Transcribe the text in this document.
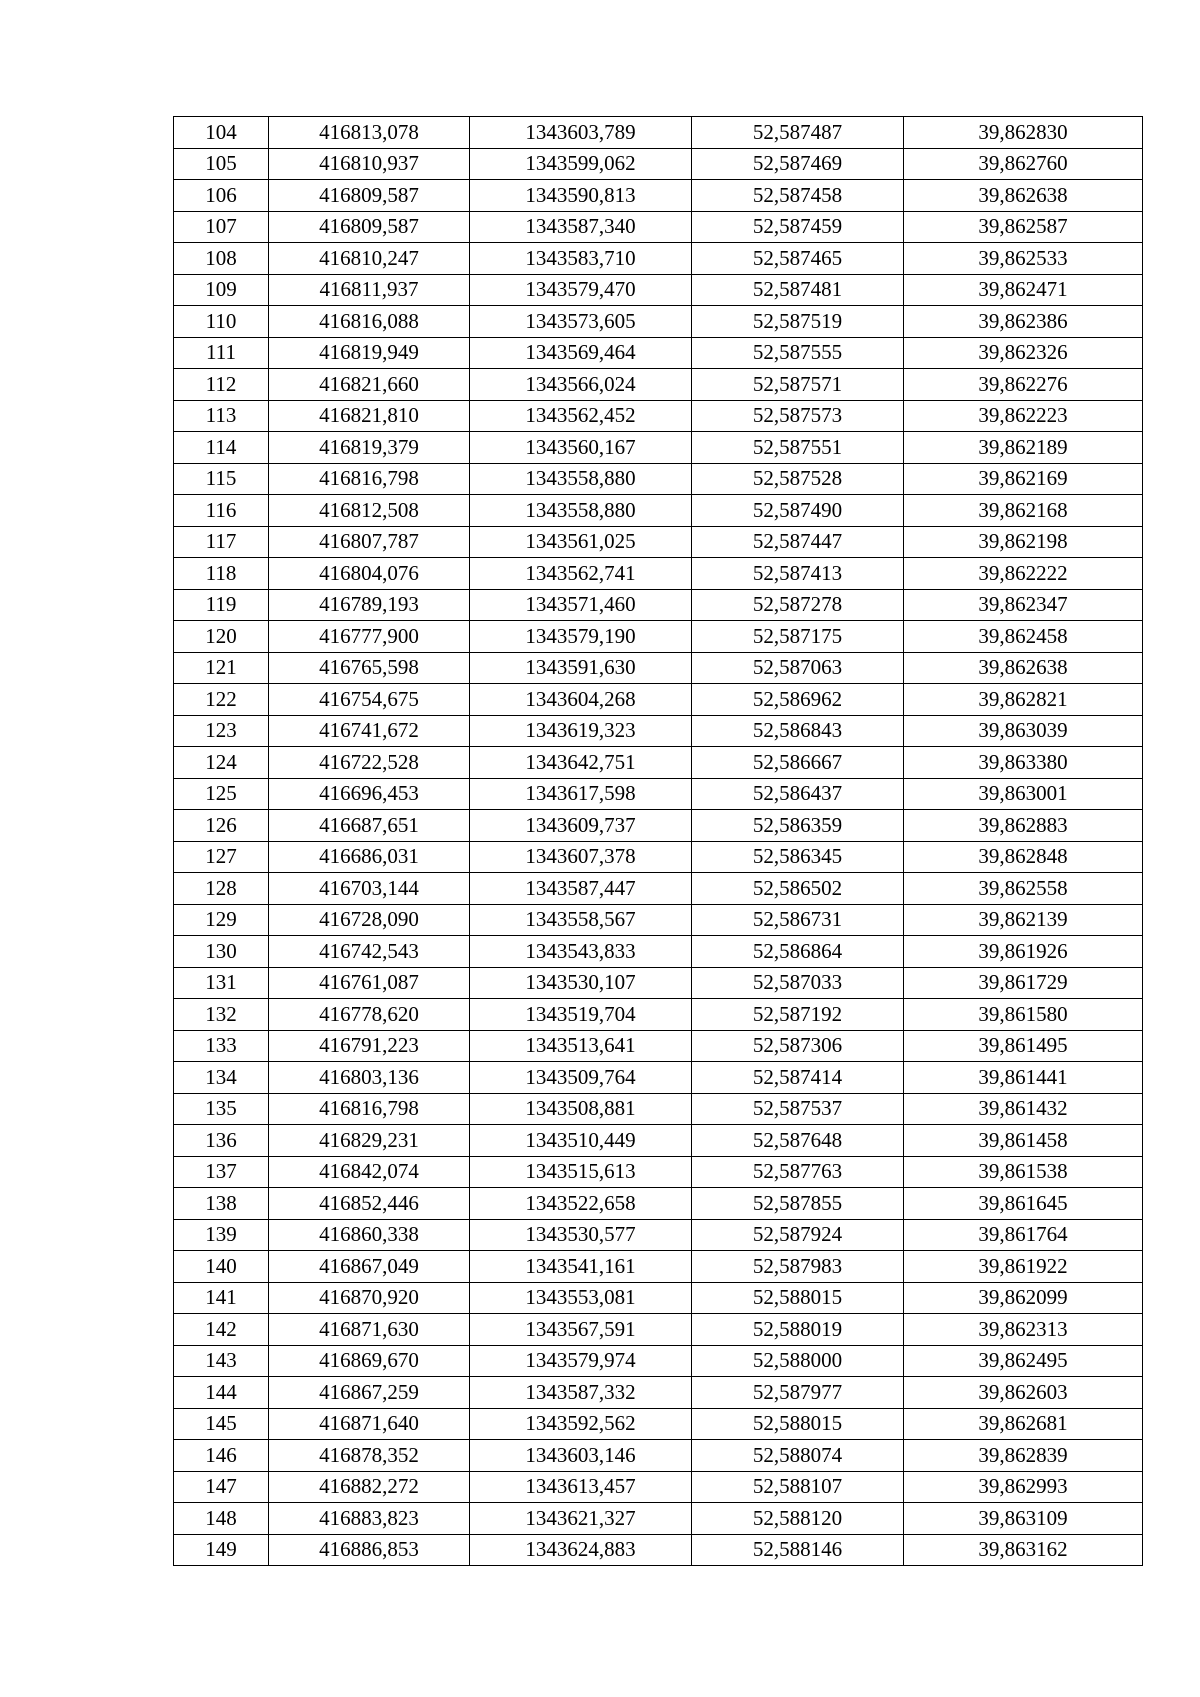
104	416813,078	1343603,789	52,587487	39,862830
105	416810,937	1343599,062	52,587469	39,862760
106	416809,587	1343590,813	52,587458	39,862638
107	416809,587	1343587,340	52,587459	39,862587
108	416810,247	1343583,710	52,587465	39,862533
109	416811,937	1343579,470	52,587481	39,862471
110	416816,088	1343573,605	52,587519	39,862386
111	416819,949	1343569,464	52,587555	39,862326
112	416821,660	1343566,024	52,587571	39,862276
113	416821,810	1343562,452	52,587573	39,862223
114	416819,379	1343560,167	52,587551	39,862189
115	416816,798	1343558,880	52,587528	39,862169
116	416812,508	1343558,880	52,587490	39,862168
117	416807,787	1343561,025	52,587447	39,862198
118	416804,076	1343562,741	52,587413	39,862222
119	416789,193	1343571,460	52,587278	39,862347
120	416777,900	1343579,190	52,587175	39,862458
121	416765,598	1343591,630	52,587063	39,862638
122	416754,675	1343604,268	52,586962	39,862821
123	416741,672	1343619,323	52,586843	39,863039
124	416722,528	1343642,751	52,586667	39,863380
125	416696,453	1343617,598	52,586437	39,863001
126	416687,651	1343609,737	52,586359	39,862883
127	416686,031	1343607,378	52,586345	39,862848
128	416703,144	1343587,447	52,586502	39,862558
129	416728,090	1343558,567	52,586731	39,862139
130	416742,543	1343543,833	52,586864	39,861926
131	416761,087	1343530,107	52,587033	39,861729
132	416778,620	1343519,704	52,587192	39,861580
133	416791,223	1343513,641	52,587306	39,861495
134	416803,136	1343509,764	52,587414	39,861441
135	416816,798	1343508,881	52,587537	39,861432
136	416829,231	1343510,449	52,587648	39,861458
137	416842,074	1343515,613	52,587763	39,861538
138	416852,446	1343522,658	52,587855	39,861645
139	416860,338	1343530,577	52,587924	39,861764
140	416867,049	1343541,161	52,587983	39,861922
141	416870,920	1343553,081	52,588015	39,862099
142	416871,630	1343567,591	52,588019	39,862313
143	416869,670	1343579,974	52,588000	39,862495
144	416867,259	1343587,332	52,587977	39,862603
145	416871,640	1343592,562	52,588015	39,862681
146	416878,352	1343603,146	52,588074	39,862839
147	416882,272	1343613,457	52,588107	39,862993
148	416883,823	1343621,327	52,588120	39,863109
149	416886,853	1343624,883	52,588146	39,863162
